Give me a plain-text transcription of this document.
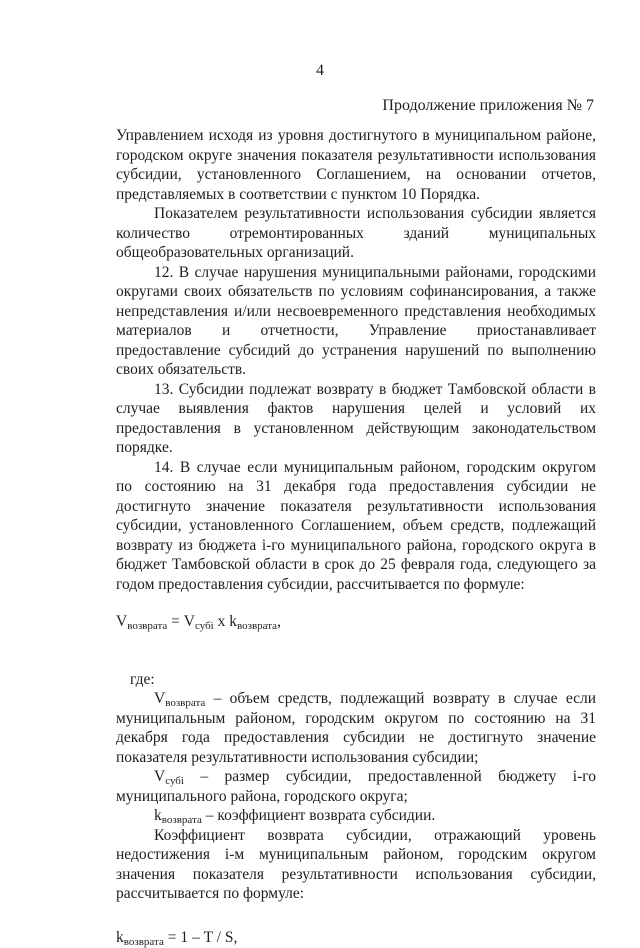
4
Продолжение приложения № 7

Управлением исходя из уровня достигнутого в муниципальном районе, городском округе значения показателя результативности использования субсидии, установленного Соглашением, на основании отчетов, представляемых в соответствии с пунктом 10 Порядка.

Показателем результативности использования субсидии является количество отремонтированных зданий муниципальных общеобразовательных организаций.

12. В случае нарушения муниципальными районами, городскими округами своих обязательств по условиям софинансирования, а также непредставления и/или несвоевременного представления необходимых материалов и отчетности, Управление приостанавливает предоставление субсидий до устранения нарушений по выполнению своих обязательств.

13. Субсидии подлежат возврату в бюджет Тамбовской области в случае выявления фактов нарушения целей и условий их предоставления в установленном действующим законодательством порядке.

14. В случае если муниципальным районом, городским округом по состоянию на 31 декабря года предоставления субсидии не достигнуто значение показателя результативности использования субсидии, установленного Соглашением, объем средств, подлежащий возврату из бюджета i-го муниципального района, городского округа в бюджет Тамбовской области в срок до 25 февраля года, следующего за годом предоставления субсидии, рассчитывается по формуле:

$V_{возврата} = V_{субi}$ x $k_{возврата}$,

где:

$V_{возврата}$ – объем средств, подлежащий возврату в случае если муниципальным районом, городским округом по состоянию на 31 декабря года предоставления субсидии не достигнуто значение показателя результативности использования субсидии;

$V_{субi}$ – размер субсидии, предоставленной бюджету i-го муниципального района, городского округа;

$k_{возврата}$ – коэффициент возврата субсидии.

Коэффициент возврата субсидии, отражающий уровень недостижения i-м муниципальным районом, городским округом значения показателя результативности использования субсидии, рассчитывается по формуле:

$k_{возврата} = 1 - T / S$,
